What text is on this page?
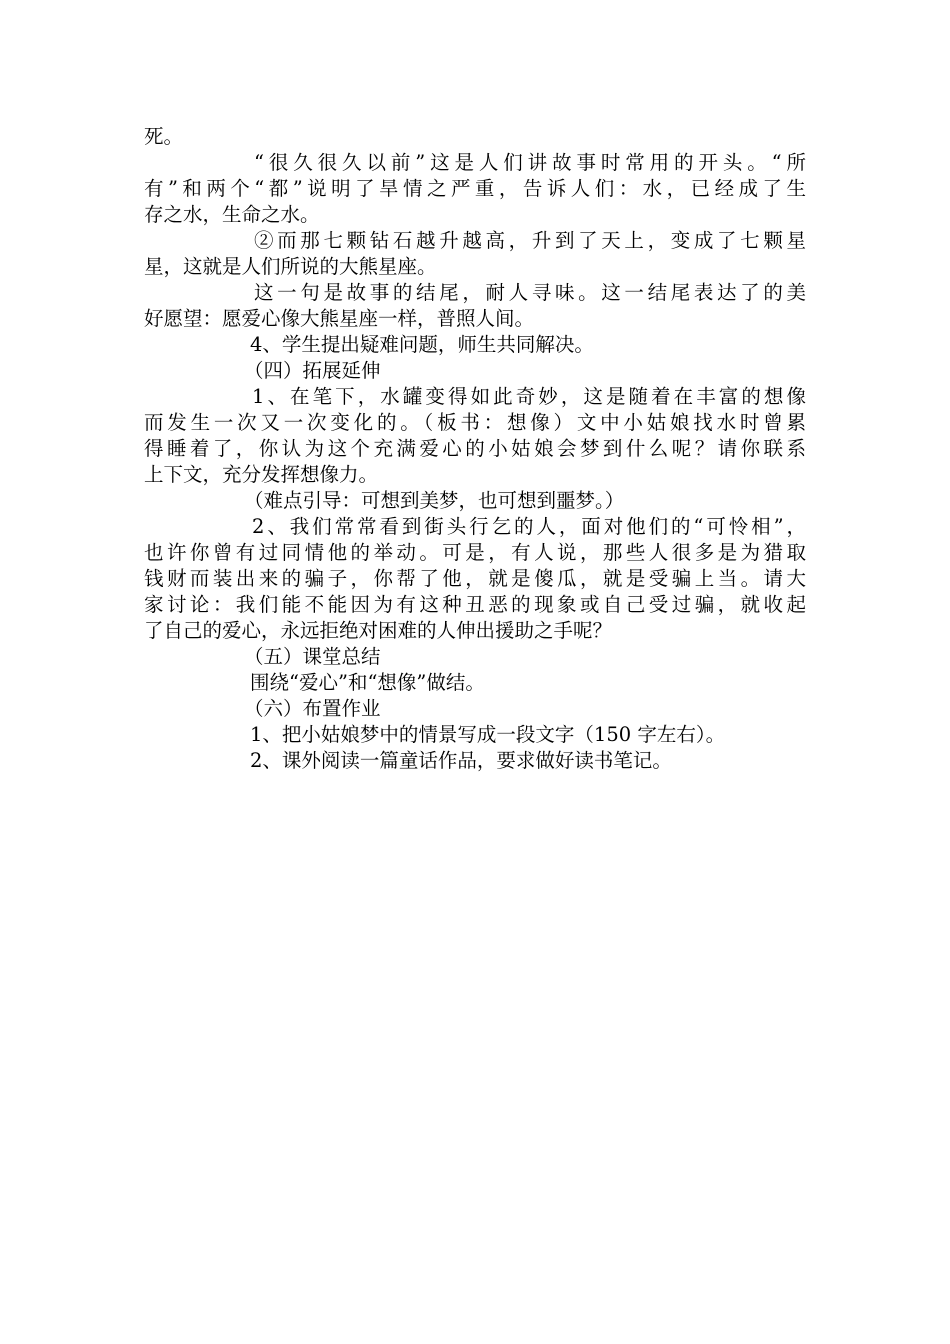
死。
“很久很久以前”这是人们讲故事时常用的开头。“所
有”和两个“都”说明了旱情之严重，告诉人们：水，已经成了生
存之水，生命之水。
②而那七颗钻石越升越高，升到了天上，变成了七颗星
星，这就是人们所说的大熊星座。
这一句是故事的结尾，耐人寻味。这一结尾表达了的美
好愿望：愿爱心像大熊星座一样，普照人间。
4、学生提出疑难问题，师生共同解决。
（四）拓展延伸
1、在笔下，水罐变得如此奇妙，这是随着在丰富的想像
而发生一次又一次变化的。（板书：想像）文中小姑娘找水时曾累
得睡着了，你认为这个充满爱心的小姑娘会梦到什么呢？请你联系
上下文，充分发挥想像力。
（难点引导：可想到美梦，也可想到噩梦。）
2、我们常常看到街头行乞的人，面对他们的“可怜相”，
也许你曾有过同情他的举动。可是，有人说，那些人很多是为猎取
钱财而装出来的骗子，你帮了他，就是傻瓜，就是受骗上当。请大
家讨论：我们能不能因为有这种丑恶的现象或自己受过骗，就收起
了自己的爱心，永远拒绝对困难的人伸出援助之手呢？
（五）课堂总结
围绕“爱心”和“想像”做结。
（六）布置作业
1、把小姑娘梦中的情景写成一段文字（150 字左右）。
2、课外阅读一篇童话作品，要求做好读书笔记。
